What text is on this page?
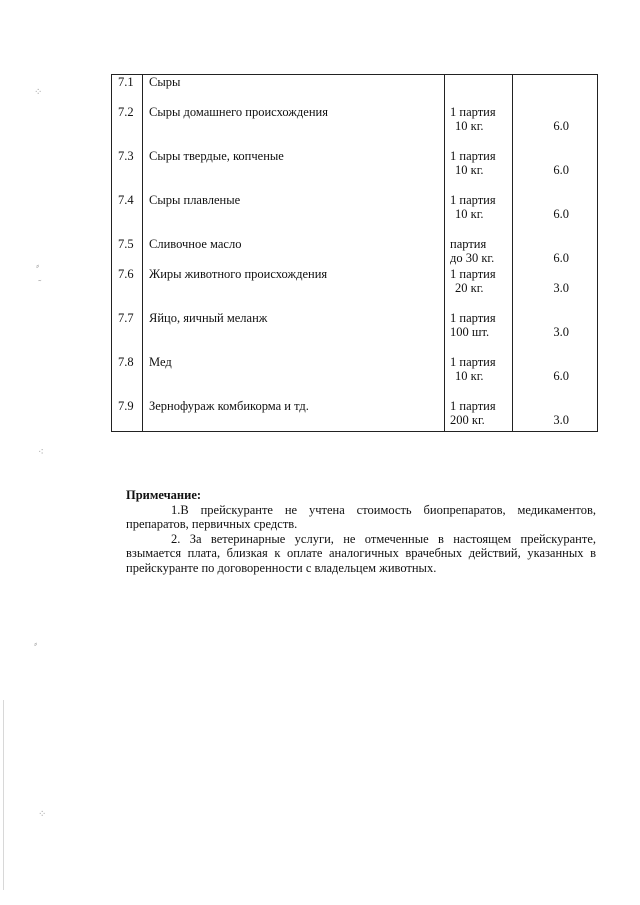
⁘
⸗
˜
⁖
⸗
⁘
7.1	Сыры		
7.2	Сыры домашнего происхождения	1 партия
10 кг.	6.0

7.3	Сыры твердые, копченые	1 партия
10 кг.	6.0

7.4	Сыры плавленые	1 партия
10 кг.	6.0

7.5	Сливочное масло	партия
до 30 кг.	6.0

7.6	Жиры животного происхождения	1 партия
20 кг.	3.0

7.7	Яйцо, яичный меланж	1 партия
100 шт.	3.0

7.8	Мед	1 партия
10 кг.	6.0

7.9	Зернофураж комбикорма и тд.	1 партия
200 кг.	3.0
Примечание:

1.В прейскуранте не учтена стоимость биопрепаратов, медикаментов, препаратов, первичных средств.

2. За ветеринарные услуги, не отмеченные в настоящем прейскуранте, взымается плата, близкая к оплате аналогичных врачебных действий, указанных в прейскуранте по договоренности с владельцем животных.
